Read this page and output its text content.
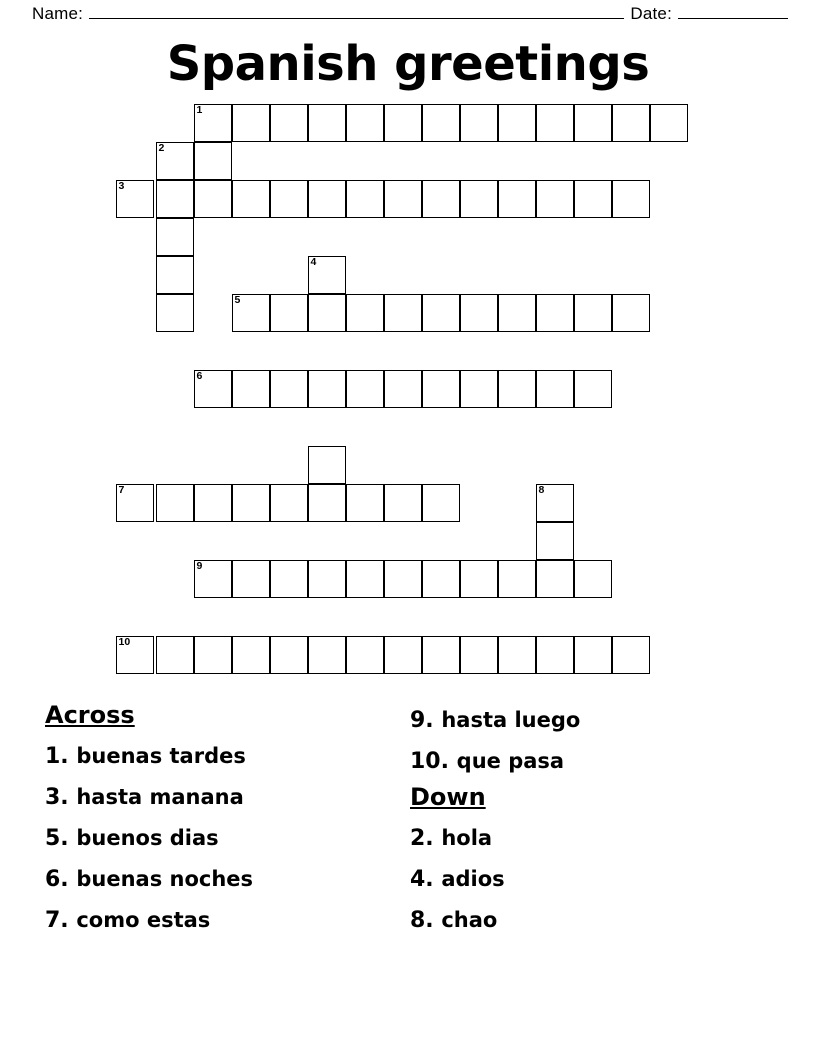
Name:	Date:
Spanish greetings
1
2
3
4
5
6
7	8
9
10
Across
1. buenas tardes
3. hasta manana
5. buenos dias
6. buenas noches
7. como estas
9. hasta luego
10. que pasa
Down
2. hola
4. adios
8. chao
